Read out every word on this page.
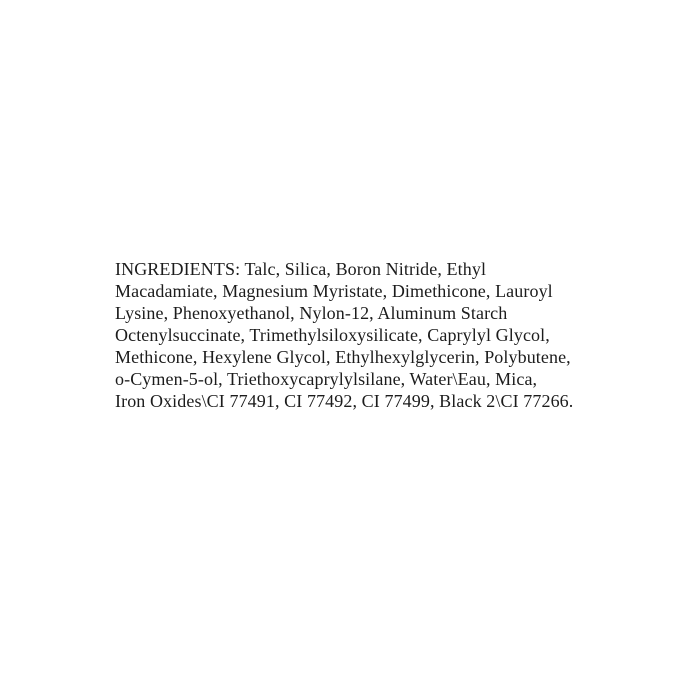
INGREDIENTS: Talc, Silica, Boron Nitride, Ethyl
Macadamiate, Magnesium Myristate, Dimethicone, Lauroyl
Lysine, Phenoxyethanol, Nylon-12, Aluminum Starch
Octenylsuccinate, Trimethylsiloxysilicate, Caprylyl Glycol,
Methicone, Hexylene Glycol, Ethylhexylglycerin, Polybutene,
o-Cymen-5-ol, Triethoxycaprylylsilane, Water\Eau, Mica,
Iron Oxides\CI 77491, CI 77492, CI 77499, Black 2\CI 77266.
